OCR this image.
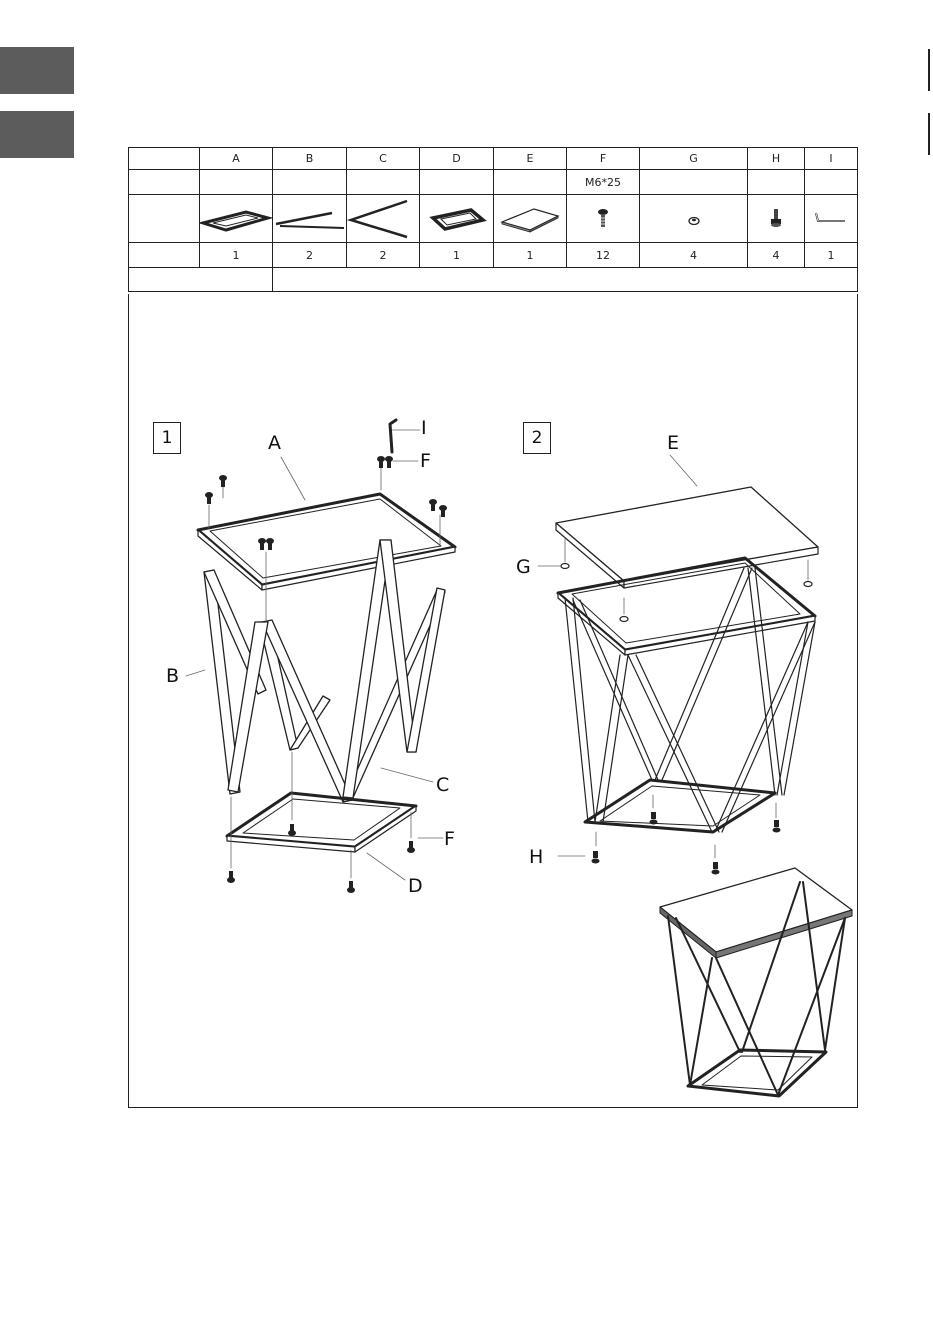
	A	B	C	D	E	F	G	H	I
						M6*25			

	1	2	2	1	1	12	4	4	1

1	2
A
B
C
D
F
F
I
E
G
H
